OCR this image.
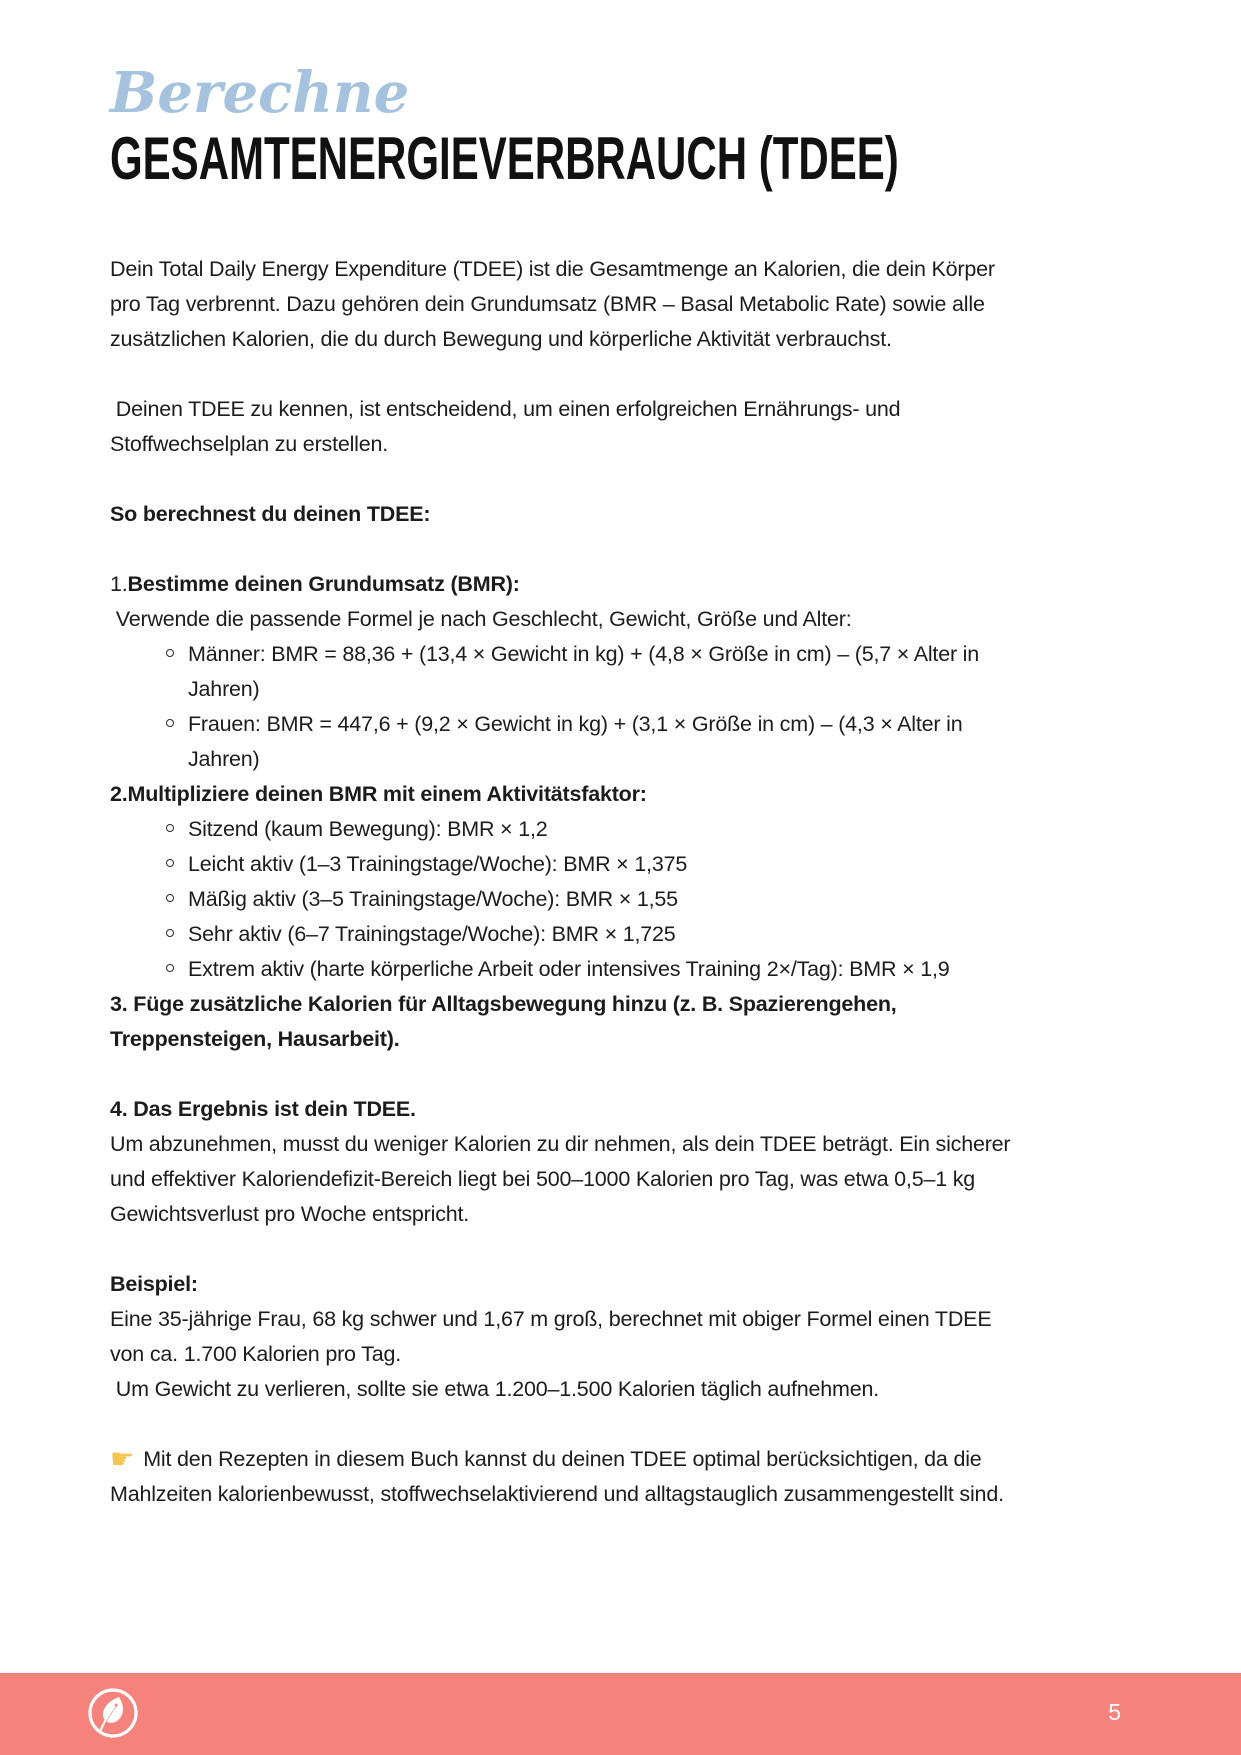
Berechne
GESAMTENERGIEVERBRAUCH (TDEE)

Dein Total Daily Energy Expenditure (TDEE) ist die Gesamtmenge an Kalorien, die dein Körper pro Tag verbrennt. Dazu gehören dein Grundumsatz (BMR – Basal Metabolic Rate) sowie alle zusätzlichen Kalorien, die du durch Bewegung und körperliche Aktivität verbrauchst.

Deinen TDEE zu kennen, ist entscheidend, um einen erfolgreichen Ernährungs- und Stoffwechselplan zu erstellen.

So berechnest du deinen TDEE:

1.Bestimme deinen Grundumsatz (BMR):

Verwende die passende Formel je nach Geschlecht, Gewicht, Größe und Alter:

Männer: BMR = 88,36 + (13,4 × Gewicht in kg) + (4,8 × Größe in cm) – (5,7 × Alter in Jahren)
Frauen: BMR = 447,6 + (9,2 × Gewicht in kg) + (3,1 × Größe in cm) – (4,3 × Alter in Jahren)

2.Multipliziere deinen BMR mit einem Aktivitätsfaktor:

Sitzend (kaum Bewegung): BMR × 1,2
Leicht aktiv (1–3 Trainingstage/Woche): BMR × 1,375
Mäßig aktiv (3–5 Trainingstage/Woche): BMR × 1,55
Sehr aktiv (6–7 Trainingstage/Woche): BMR × 1,725
Extrem aktiv (harte körperliche Arbeit oder intensives Training 2×/Tag): BMR × 1,9

3. Füge zusätzliche Kalorien für Alltagsbewegung hinzu (z. B. Spazierengehen, Treppensteigen, Hausarbeit).

4. Das Ergebnis ist dein TDEE.

Um abzunehmen, musst du weniger Kalorien zu dir nehmen, als dein TDEE beträgt. Ein sicherer und effektiver Kaloriendefizit-Bereich liegt bei 500–1000 Kalorien pro Tag, was etwa 0,5–1 kg Gewichtsverlust pro Woche entspricht.

Beispiel:

Eine 35-jährige Frau, 68 kg schwer und 1,67 m groß, berechnet mit obiger Formel einen TDEE von ca. 1.700 Kalorien pro Tag.

Um Gewicht zu verlieren, sollte sie etwa 1.200–1.500 Kalorien täglich aufnehmen.

☛ Mit den Rezepten in diesem Buch kannst du deinen TDEE optimal berücksichtigen, da die Mahlzeiten kalorienbewusst, stoffwechselaktivierend und alltagstauglich zusammengestellt sind.

5
